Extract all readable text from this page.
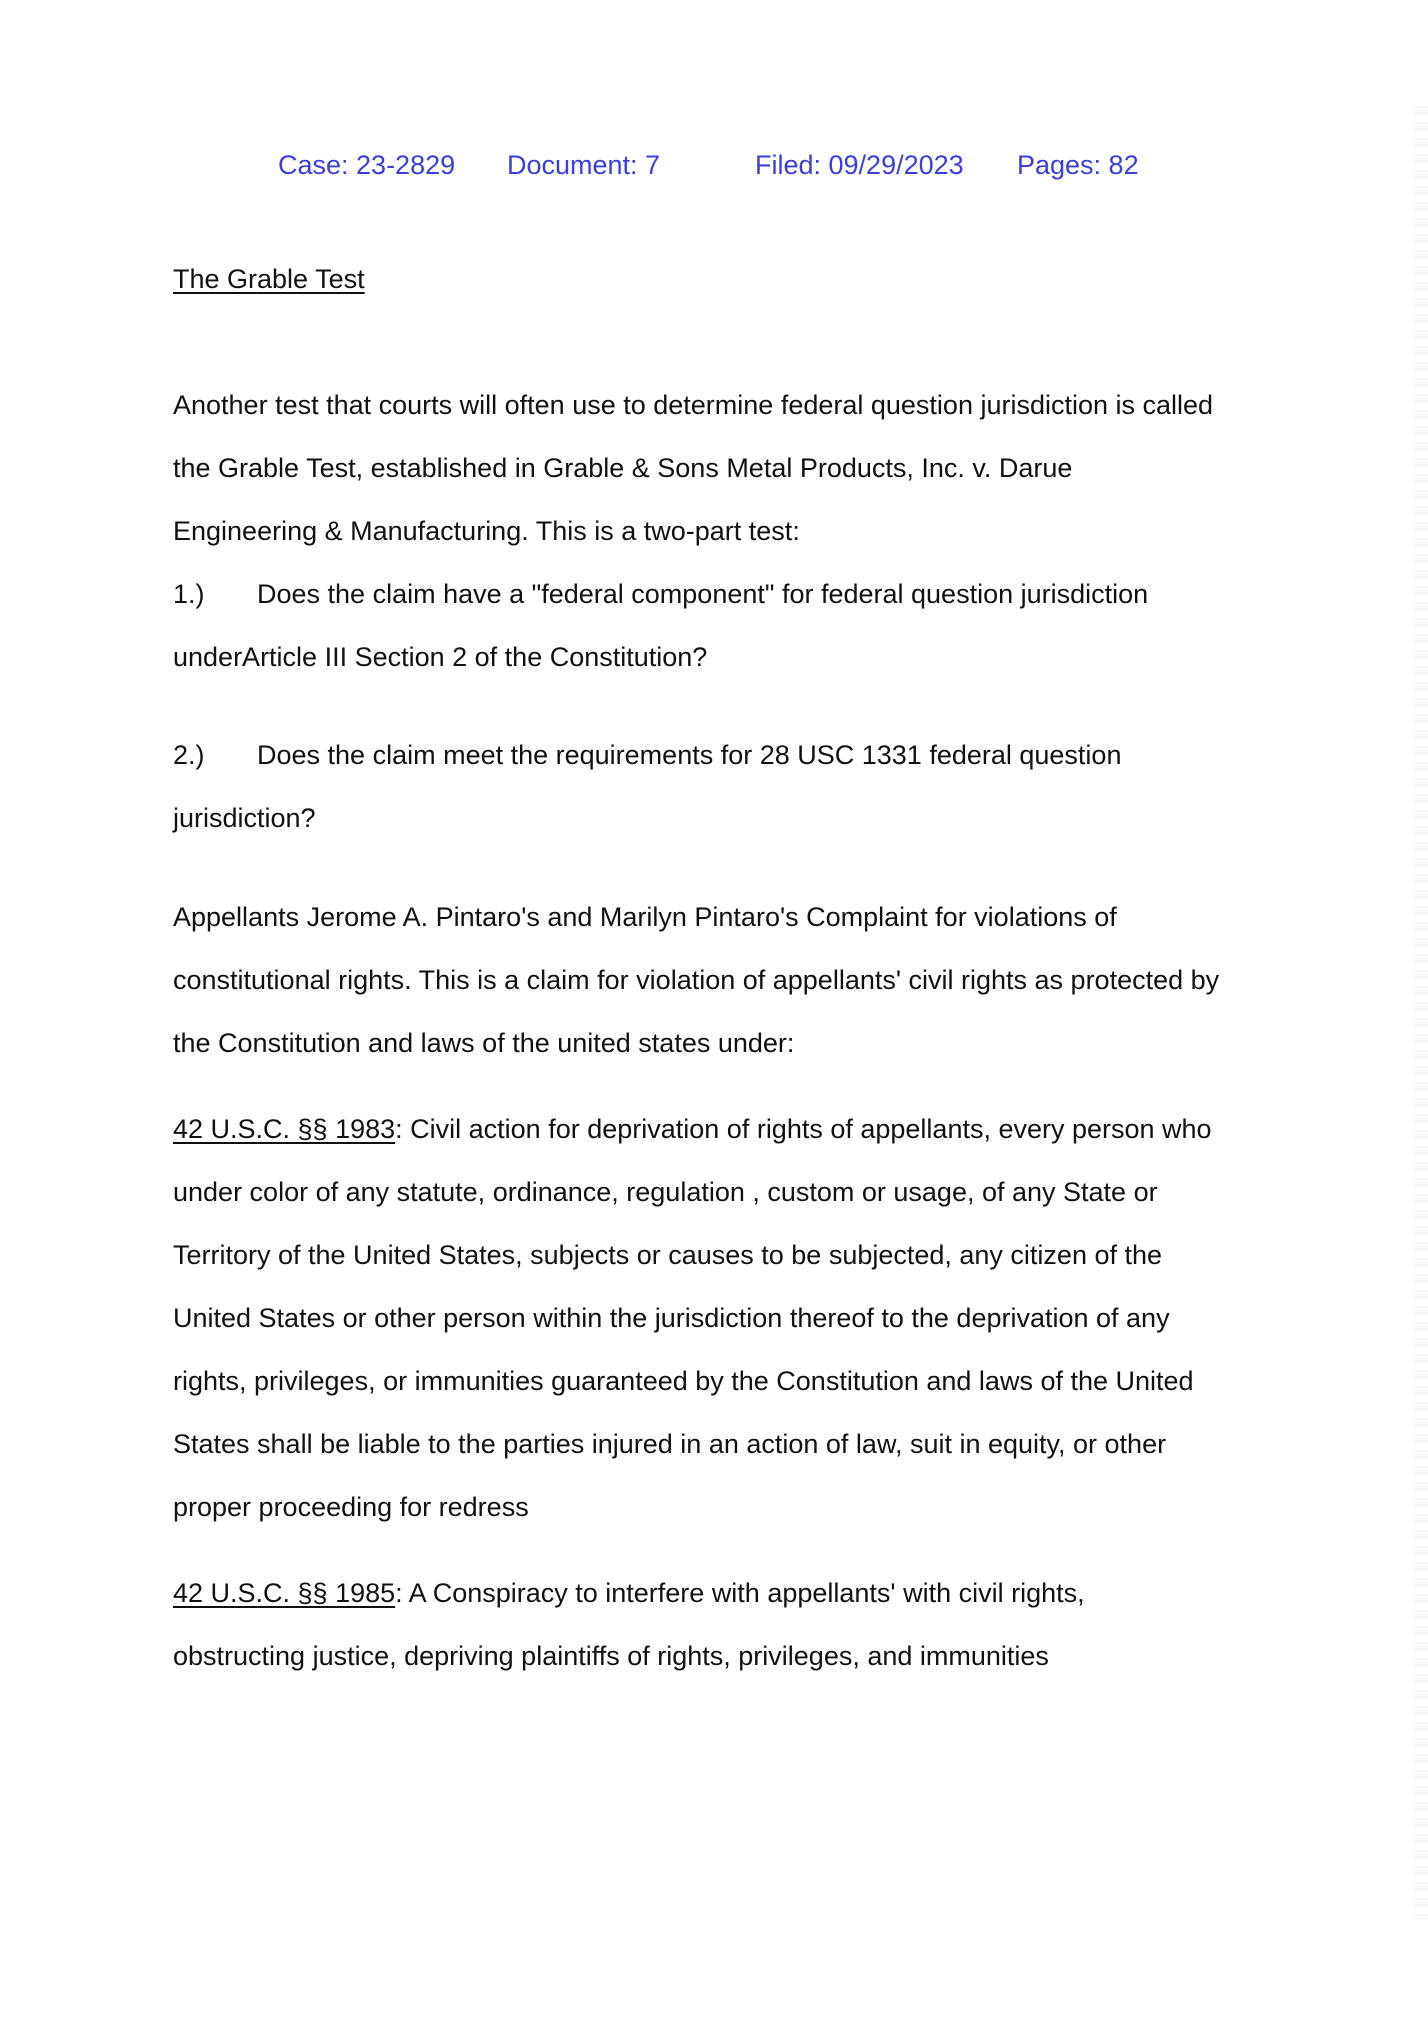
Case: 23-2829 Document: 7	Filed: 09/29/2023 Pages: 82
The Grable Test
Another test that courts will often use to determine federal question jurisdiction is called
the Grable Test, established in Grable & Sons Metal Products, Inc. v. Darue
Engineering & Manufacturing. This is a two-part test:
1.) Does the claim have a "federal component" for federal question jurisdiction
underArticle III Section 2 of the Constitution?
2.) Does the claim meet the requirements for 28 USC 1331 federal question
jurisdiction?
Appellants Jerome A. Pintaro's and Marilyn Pintaro's Complaint for violations of
constitutional rights. This is a claim for violation of appellants' civil rights as protected by
the Constitution and laws of the united states under:
42 U.S.C. §§ 1983: Civil action for deprivation of rights of appellants, every person who
under color of any statute, ordinance, regulation , custom or usage, of any State or
Territory of the United States, subjects or causes to be subjected, any citizen of the
United States or other person within the jurisdiction thereof to the deprivation of any
rights, privileges, or immunities guaranteed by the Constitution and laws of the United
States shall be liable to the parties injured in an action of law, suit in equity, or other
proper proceeding for redress
42 U.S.C. §§ 1985: A Conspiracy to interfere with appellants' with civil rights,
obstructing justice, depriving plaintiffs of rights, privileges, and immunities
